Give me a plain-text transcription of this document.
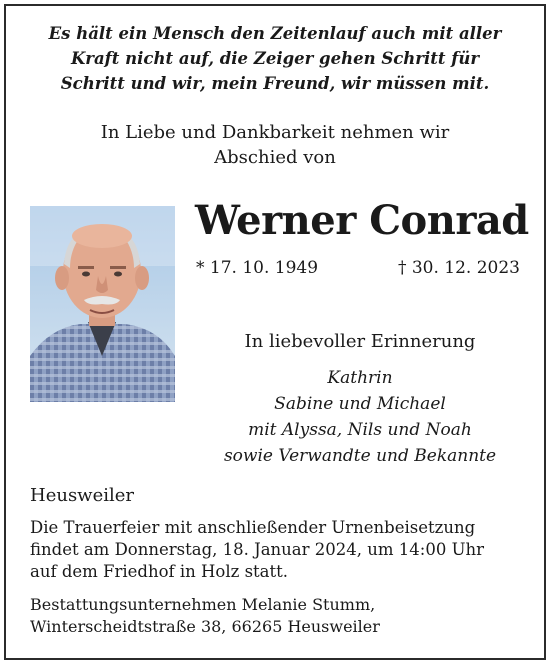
Es hält ein Mensch den Zeitenlauf auch mit aller
Kraft nicht auf, die Zeiger gehen Schritt für
Schritt und wir, mein Freund, wir müssen mit.
In Liebe und Dankbarkeit nehmen wir
Abschied von
Werner Conrad
* 17. 10. 1949	† 30. 12. 2023
In liebevoller Erinnerung
Kathrin
Sabine und Michael
mit Alyssa, Nils und Noah
sowie Verwandte und Bekannte
Heusweiler
Die Trauerfeier mit anschließender Urnenbeisetzung
findet am Donnerstag, 18. Januar 2024, um 14:00 Uhr
auf dem Friedhof in Holz statt.
Bestattungsunternehmen Melanie Stumm,
Winterscheidtstraße 38, 66265 Heusweiler
